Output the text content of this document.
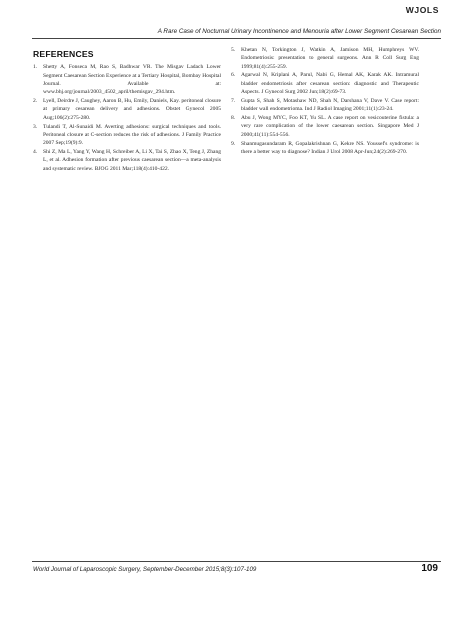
WJOLS
A Rare Case of Nocturnal Urinary Incontinence and Menouria after Lower Segment Cesarean Section
REFERENCES
1. Shetty A, Fonseca M, Rao S, Badhwar VR. The Misgav Ladach Lower Segment Caesarean Section Experience at a Tertiary Hospital, Bombay Hospital Journal. Available at: www.bhj.org/journal/2003_4502_april/themisgav_294.htm.
2. Lyell, Deirdre J, Caughey, Aaron B, Hu, Emily, Daniels, Kay. peritoneal closure at primary cesarean delivery and adhesions. Obstet Gynecol 2005 Aug;106(2):275-280.
3. Tulandi T, Al-Sunaidi M. Averting adhesions: surgical techniques and tools. Peritoneal closure at C-section reduces the risk of adhesions. J Family Practice 2007 Sep;19(9):9.
4. Shi Z, Ma L, Yang Y, Wang H, Schreiber A, Li X, Tai S, Zhao X, Teng J, Zhang L, et al. Adhesion formation after previous caesarean section—a meta-analysis and systematic review. BJOG 2011 Mar;118(4):410-422.
5. Khetan N, Torkington J, Watkin A, Jamison MH, Humphreys WV. Endometriosis: presentation to general surgeons. Ann R Coll Surg Eng 1999;81(4):255-259.
6. Agarwal N, Kriplani A, Parul, Nabi G, Hemal AK, Karak AK. Intramural bladder endometriosis after cesarean section: diagnostic and Therapeutic Aspects. J Gynecol Surg 2002 Jun;18(2):69-73.
7. Gupta S, Shah S, Motashaw ND, Shah N, Darshana V, Dave V. Case report: bladder wall endometrioma. Ind J Radiol Imaging 2001;11(1):23-24.
8. Abu J, Wong MYC, Foo KT, Yu SL. A case report on vesicouterine fistula: a very rare complication of the lower caesarean section. Singapore Med J 2000;41(11):554-556.
9. Shanmugasundaram R, Gopalakrishnan G, Kekre NS. Youssef's syndrome: is there a better way to diagnose? Indian J Urol 2008 Apr-Jun;24(2):269-270.
World Journal of Laparoscopic Surgery, September-December 2015;8(3):107-109	109
